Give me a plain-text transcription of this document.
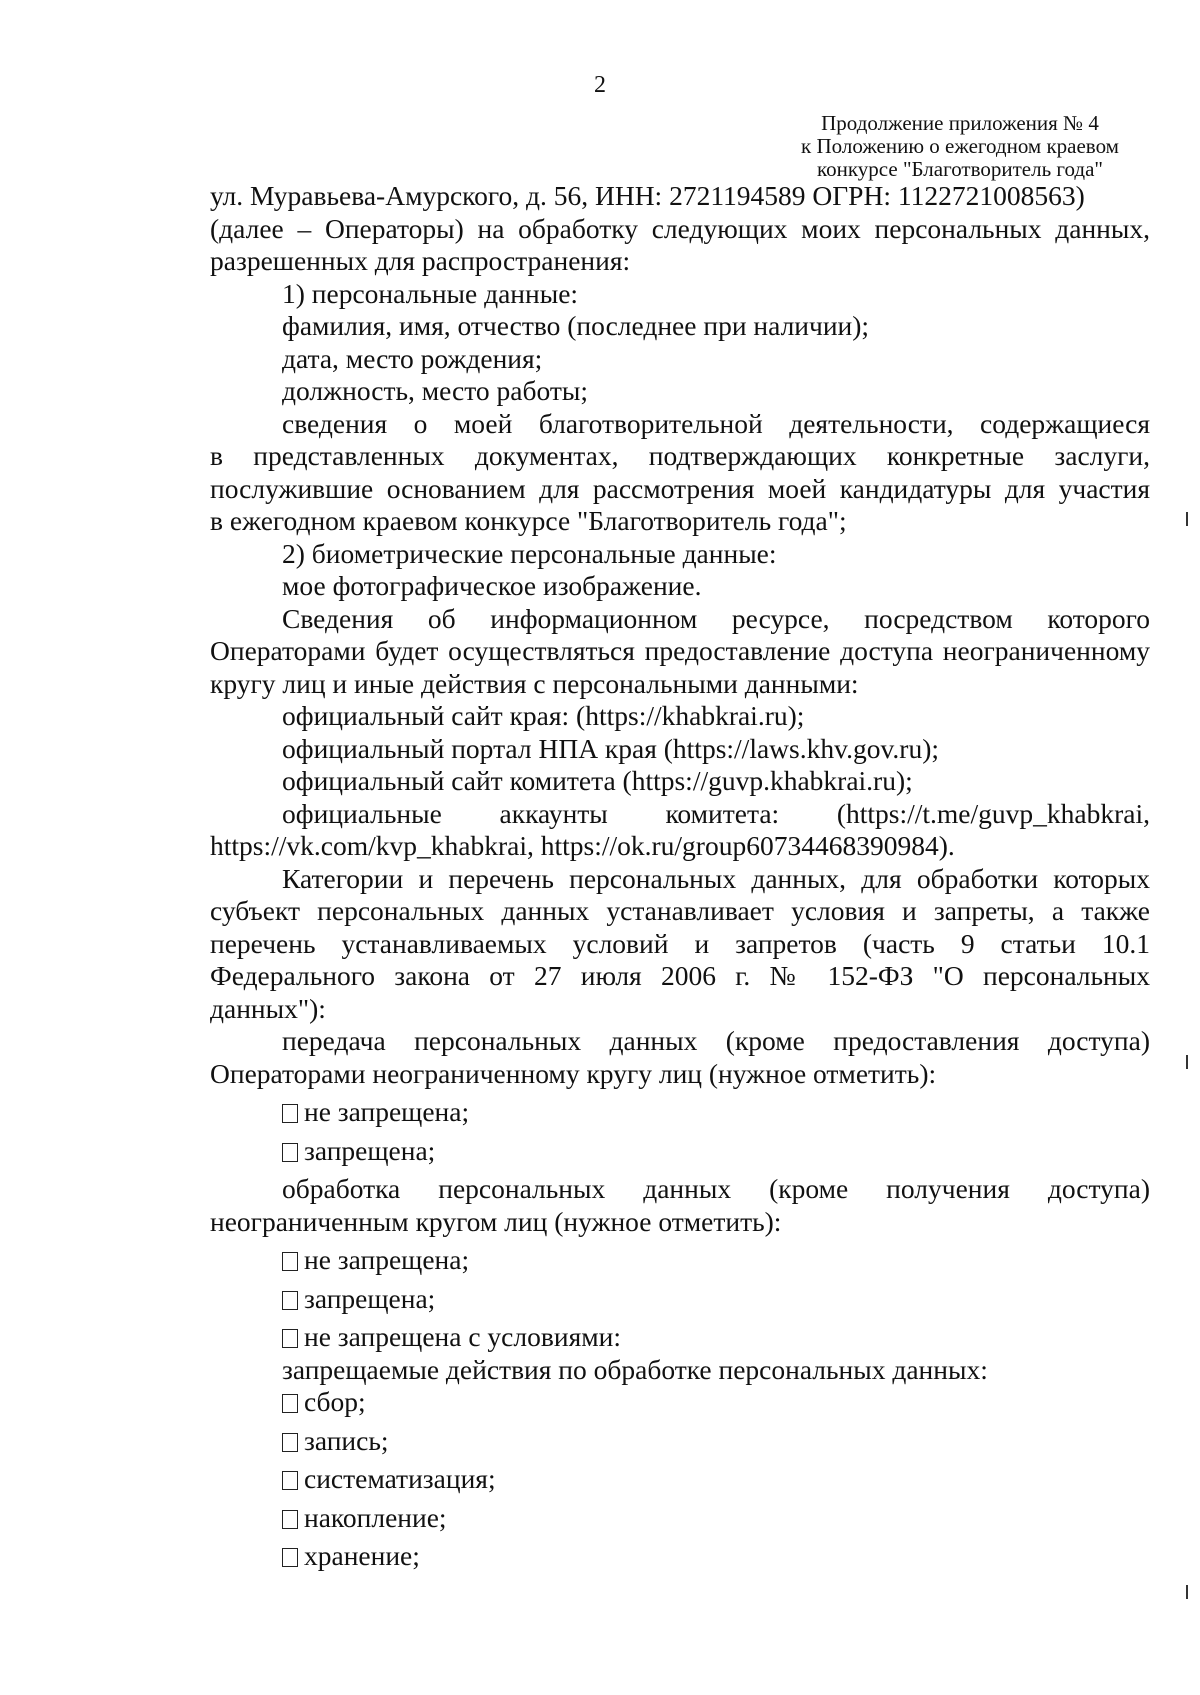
2
Продолжение приложения № 4
к Положению о ежегодном краевом
конкурсе "Благотворитель года"
ул. Муравьева-Амурского, д. 56, ИНН: 2721194589 ОГРН: 1122721008563)
(далее – Операторы) на обработку следующих моих персональных данных,
разрешенных для распространения:
1) персональные данные:
фамилия, имя, отчество (последнее при наличии);
дата, место рождения;
должность, место работы;
сведения о моей благотворительной деятельности, содержащиеся
в представленных документах, подтверждающих конкретные заслуги,
послужившие основанием для рассмотрения моей кандидатуры для участия
в ежегодном краевом конкурсе "Благотворитель года";
2) биометрические персональные данные:
мое фотографическое изображение.
Сведения об информационном ресурсе, посредством которого
Операторами будет осуществляться предоставление доступа неограниченному
кругу лиц и иные действия с персональными данными:
официальный сайт края: (https://khabkrai.ru);
официальный портал НПА края (https://laws.khv.gov.ru);
официальный сайт комитета (https://guvp.khabkrai.ru);
официальные аккаунты комитета: (https://t.me/guvp_khabkrai,
https://vk.com/kvp_khabkrai, https://ok.ru/group60734468390984).
Категории и перечень персональных данных, для обработки которых
субъект персональных данных устанавливает условия и запреты, а также
перечень устанавливаемых условий и запретов (часть 9 статьи 10.1
Федерального закона от 27 июля 2006 г. № 152-ФЗ "О персональных
данных"):
передача персональных данных (кроме предоставления доступа)
Операторами неограниченному кругу лиц (нужное отметить):
не запрещена;
запрещена;
обработка персональных данных (кроме получения доступа)
неограниченным кругом лиц (нужное отметить):
не запрещена;
запрещена;
не запрещена с условиями:
запрещаемые действия по обработке персональных данных:
сбор;
запись;
систематизация;
накопление;
хранение;
